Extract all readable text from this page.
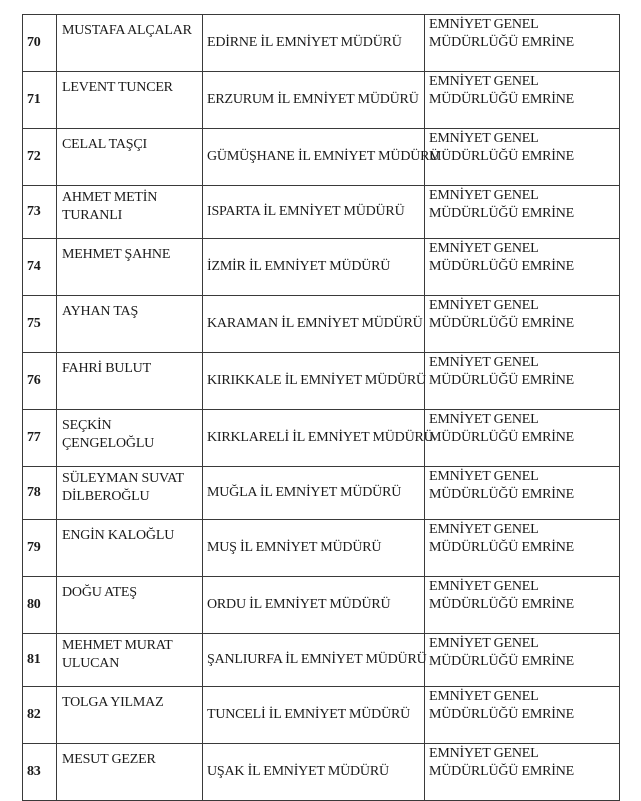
70	MUSTAFA ALÇALAR	EDİRNE İL EMNİYET MÜDÜRÜ	EMNİYET GENEL
MÜDÜRLÜĞÜ EMRİNE

71	LEVENT TUNCER	ERZURUM İL EMNİYET MÜDÜRÜ	EMNİYET GENEL
MÜDÜRLÜĞÜ EMRİNE

72	CELAL TAŞÇI	GÜMÜŞHANE İL EMNİYET MÜDÜRÜ	EMNİYET GENEL
MÜDÜRLÜĞÜ EMRİNE

73	AHMET METİN
TURANLI	ISPARTA İL EMNİYET MÜDÜRÜ	EMNİYET GENEL
MÜDÜRLÜĞÜ EMRİNE

74	MEHMET ŞAHNE	İZMİR İL EMNİYET MÜDÜRÜ	EMNİYET GENEL
MÜDÜRLÜĞÜ EMRİNE

75	AYHAN TAŞ	KARAMAN İL EMNİYET MÜDÜRÜ	EMNİYET GENEL
MÜDÜRLÜĞÜ EMRİNE

76	FAHRİ BULUT	KIRIKKALE İL EMNİYET MÜDÜRÜ	EMNİYET GENEL
MÜDÜRLÜĞÜ EMRİNE

77	SEÇKİN ÇENGELOĞLU	KIRKLARELİ İL EMNİYET MÜDÜRÜ	EMNİYET GENEL
MÜDÜRLÜĞÜ EMRİNE

78	SÜLEYMAN SUVAT
DİLBEROĞLU	MUĞLA İL EMNİYET MÜDÜRÜ	EMNİYET GENEL
MÜDÜRLÜĞÜ EMRİNE

79	ENGİN KALOĞLU	MUŞ İL EMNİYET MÜDÜRÜ	EMNİYET GENEL
MÜDÜRLÜĞÜ EMRİNE

80	DOĞU ATEŞ	ORDU İL EMNİYET MÜDÜRÜ	EMNİYET GENEL
MÜDÜRLÜĞÜ EMRİNE

81	MEHMET MURAT
ULUCAN	ŞANLIURFA İL EMNİYET MÜDÜRÜ	EMNİYET GENEL
MÜDÜRLÜĞÜ EMRİNE

82	TOLGA YILMAZ	TUNCELİ İL EMNİYET MÜDÜRÜ	EMNİYET GENEL
MÜDÜRLÜĞÜ EMRİNE

83	MESUT GEZER	UŞAK İL EMNİYET MÜDÜRÜ	EMNİYET GENEL
MÜDÜRLÜĞÜ EMRİNE
